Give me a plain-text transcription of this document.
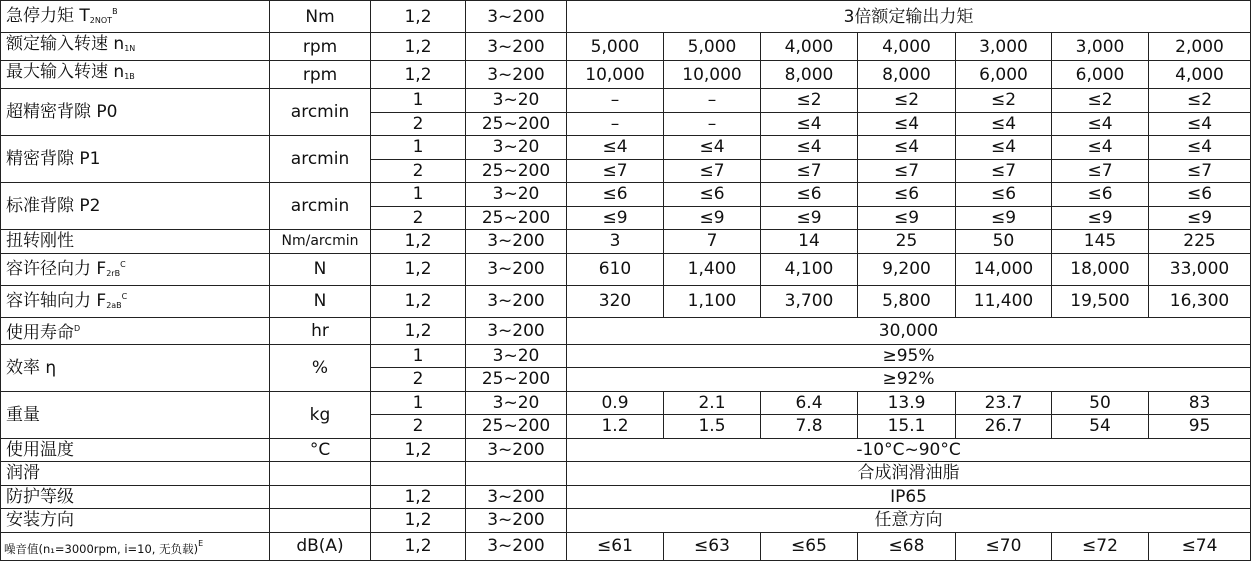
急停力矩 $T_{2NOT}^B$	Nm	1,2	3~200	3倍额定输出力矩						
额定输入转速 $n_{1N}$	rpm	1,2	3~200	5,000	5,000	4,000	4,000	3,000	3,000	2,000
最大输入转速 $n_{1B}$	rpm	1,2	3~200	10,000	10,000	8,000	8,000	6,000	6,000	4,000
超精密背隙 P0	arcmin	1	3~20	–	–	≤2	≤2	≤2	≤2	≤2
		2	25~200	–	–	≤4	≤4	≤4	≤4	≤4
精密背隙 P1	arcmin	1	3~20	≤4	≤4	≤4	≤4	≤4	≤4	≤4
		2	25~200	≤7	≤7	≤7	≤7	≤7	≤7	≤7
标准背隙 P2	arcmin	1	3~20	≤6	≤6	≤6	≤6	≤6	≤6	≤6
		2	25~200	≤9	≤9	≤9	≤9	≤9	≤9	≤9
扭转刚性	Nm/arcmin	1,2	3~200	3	7	14	25	50	145	225
容许径向力 $F_{2rB}^C$	N	1,2	3~200	610	1,400	4,100	9,200	14,000	18,000	33,000
容许轴向力 $F_{2aB}^C$	N	1,2	3~200	320	1,100	3,700	5,800	11,400	19,500	16,300
使用寿命$^D$	hr	1,2	3~200	30,000						
效率 η	%	1	3~20	≥95%						
		2	25~200	≥92%						
重量	kg	1	3~20	0.9	2.1	6.4	13.9	23.7	50	83
		2	25~200	1.2	1.5	7.8	15.1	26.7	54	95
使用温度	°C	1,2	3~200	-10°C~90°C						
润滑				合成润滑油脂						
防护等级		1,2	3~200	IP65						
安装方向		1,2	3~200	任意方向						
噪音值(n₁=3000rpm, i=10, 无负载)$^E$	dB(A)	1,2	3~200	≤61	≤63	≤65	≤68	≤70	≤72	≤74
